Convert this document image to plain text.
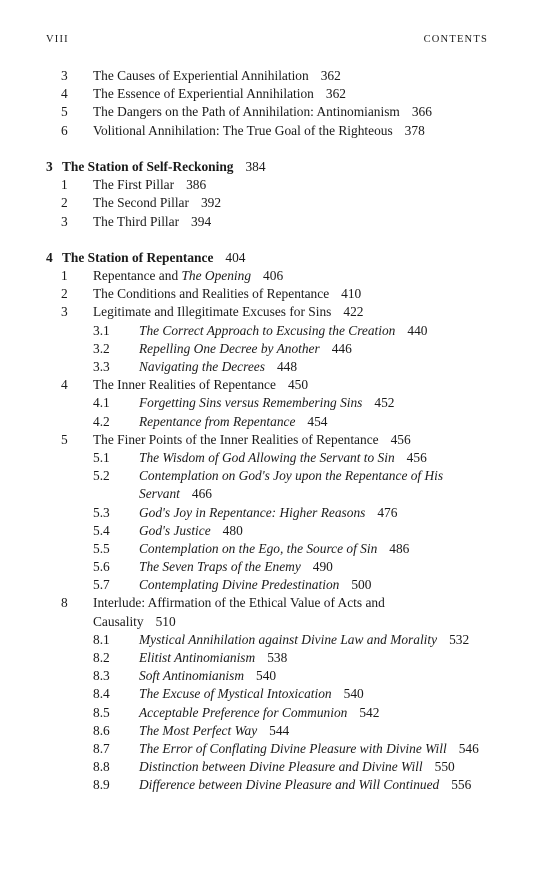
VIII	CONTENTS
3 The Causes of Experiential Annihilation 362
4 The Essence of Experiential Annihilation 362
5 The Dangers on the Path of Annihilation: Antinomianism 366
6 Volitional Annihilation: The True Goal of the Righteous 378
3 The Station of Self-Reckoning 384
1 The First Pillar 386
2 The Second Pillar 392
3 The Third Pillar 394
4 The Station of Repentance 404
1 Repentance and The Opening 406
2 The Conditions and Realities of Repentance 410
3 Legitimate and Illegitimate Excuses for Sins 422
3.1 The Correct Approach to Excusing the Creation 440
3.2 Repelling One Decree by Another 446
3.3 Navigating the Decrees 448
4 The Inner Realities of Repentance 450
4.1 Forgetting Sins versus Remembering Sins 452
4.2 Repentance from Repentance 454
5 The Finer Points of the Inner Realities of Repentance 456
5.1 The Wisdom of God Allowing the Servant to Sin 456
5.2 Contemplation on God's Joy upon the Repentance of His
Servant 466
5.3 God's Joy in Repentance: Higher Reasons 476
5.4 God's Justice 480
5.5 Contemplation on the Ego, the Source of Sin 486
5.6 The Seven Traps of the Enemy 490
5.7 Contemplating Divine Predestination 500
8 Interlude: Affirmation of the Ethical Value of Acts and
Causality 510
8.1 Mystical Annihilation against Divine Law and Morality 532
8.2 Elitist Antinomianism 538
8.3 Soft Antinomianism 540
8.4 The Excuse of Mystical Intoxication 540
8.5 Acceptable Preference for Communion 542
8.6 The Most Perfect Way 544
8.7 The Error of Conflating Divine Pleasure with Divine Will 546
8.8 Distinction between Divine Pleasure and Divine Will 550
8.9 Difference between Divine Pleasure and Will Continued 556
